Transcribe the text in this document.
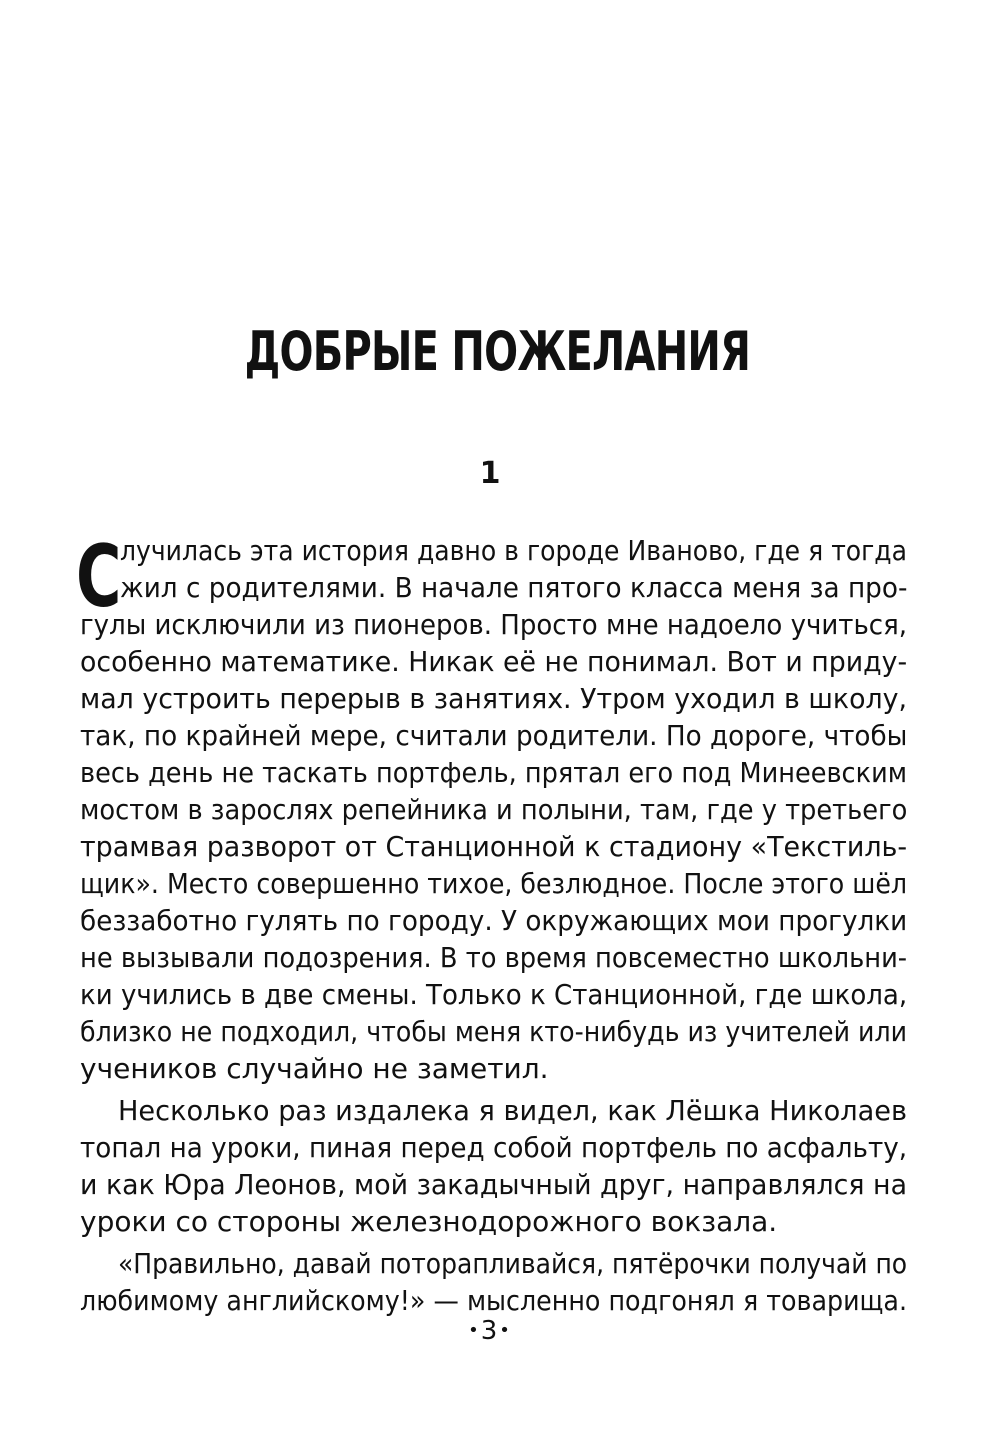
ДОБРЫЕ ПОЖЕЛАНИЯ
1
С
лучилась эта история давно в городе Иваново, где я тогда
жил с родителями. В начале пятого класса меня за про-
гулы исключили из пионеров. Просто мне надоело учиться,
особенно математике. Никак её не понимал. Вот и приду-
мал устроить перерыв в занятиях. Утром уходил в школу,
так, по крайней мере, считали родители. По дороге, чтобы
весь день не таскать портфель, прятал его под Минеевским
мостом в зарослях репейника и полыни, там, где у третьего
трамвая разворот от Станционной к стадиону «Текстиль-
щик». Место совершенно тихое, безлюдное. После этого шёл
беззаботно гулять по городу. У окружающих мои прогулки
не вызывали подозрения. В то время повсеместно школьни-
ки учились в две смены. Только к Станционной, где школа,
близко не подходил, чтобы меня кто-нибудь из учителей или
учеников случайно не заметил.
Несколько раз издалека я видел, как Лёшка Николаев
топал на уроки, пиная перед собой портфель по асфальту,
и как Юра Леонов, мой закадычный друг, направлялся на
уроки со стороны железнодорожного вокзала.
«Правильно, давай поторапливайся, пятёрочки получай по
любимому английскому!» — мысленно подгонял я товарища.
•3•
